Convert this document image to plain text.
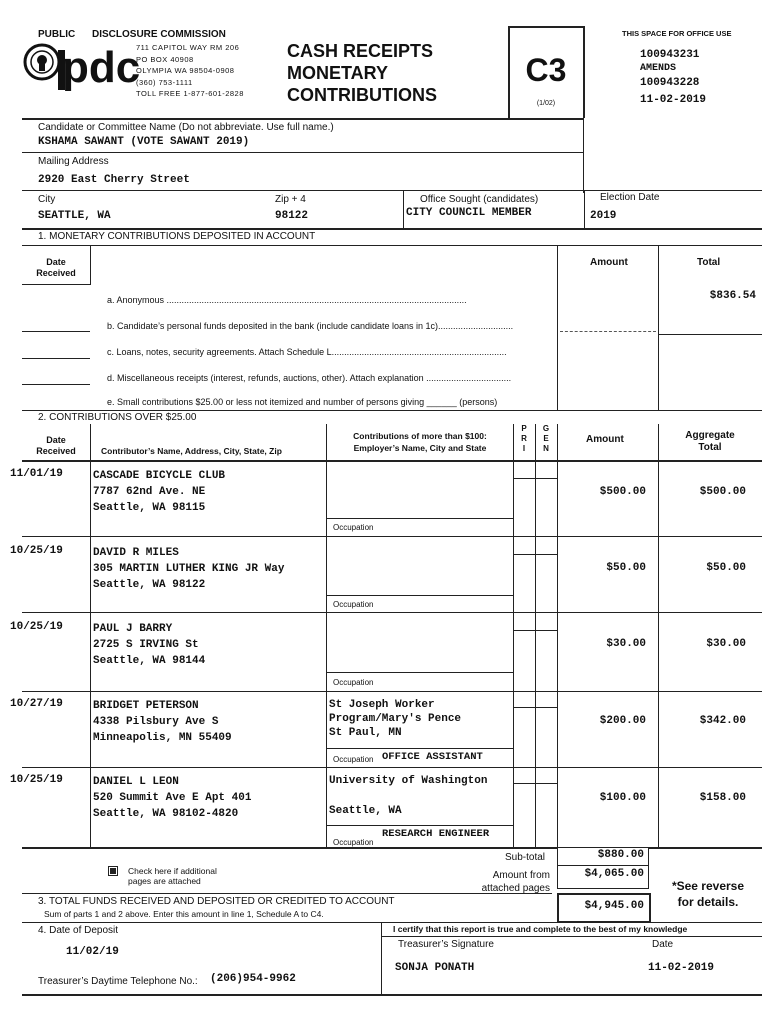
PUBLIC DISCLOSURE COMMISSION
pdc
711 CAPITOL WAY RM 206
PO BOX 40908
OLYMPIA WA 98504-0908
(360) 753-1111
TOLL FREE 1-877-601-2828
CASH RECEIPTS
MONETARY
CONTRIBUTIONS
C3
(1/02)
THIS SPACE FOR OFFICE USE
100943231
AMENDS
100943228
11-02-2019
Candidate or Committee Name (Do not abbreviate. Use full name.)
KSHAMA SAWANT (VOTE SAWANT 2019)
Mailing Address
2920 East Cherry Street
City
SEATTLE, WA
Zip + 4
98122
Office Sought (candidates)
CITY COUNCIL MEMBER
Election Date
2019
1. MONETARY CONTRIBUTIONS DEPOSITED IN ACCOUNT
Date
Received
Amount	Total
a. Anonymous ........................................................................................................................	$836.54
b. Candidate’s personal funds deposited in the bank (include candidate loans in 1c)..............................
c. Loans, notes, security agreements. Attach Schedule L......................................................................
d. Miscellaneous receipts (interest, refunds, auctions, other). Attach explanation ..................................
e. Small contributions $25.00 or less not itemized and number of persons giving ______ (persons)
2. CONTRIBUTIONS OVER $25.00
Date
Received	Contributor’s Name, Address, City, State, Zip
Contributions of more than $100:
Employer’s Name, City and State
P
R
I
G
E
N
Amount	Aggregate
Total
11/01/19	CASCADE BICYCLE CLUB
7787 62nd Ave. NE
Seattle, WA 98115
Occupation
$500.00	$500.00
10/25/19	DAVID R MILES
305 MARTIN LUTHER KING JR Way
Seattle, WA 98122
Occupation
$50.00	$50.00
10/25/19	PAUL J BARRY
2725 S IRVING St
Seattle, WA 98144
Occupation
$30.00	$30.00
10/27/19	BRIDGET PETERSON
4338 Pilsbury Ave S
Minneapolis, MN 55409
St Joseph Worker
Program/Mary's Pence
St Paul, MN
Occupation OFFICE ASSISTANT
$200.00	$342.00
10/25/19	DANIEL L LEON
520 Summit Ave E Apt 401
Seattle, WA 98102-4820
University of Washington
Seattle, WA
Occupation
RESEARCH ENGINEER
$100.00	$158.00
Check here if additional
pages are attached
Sub-total	$880.00
Amount from
attached pages
$4,065.00
3. TOTAL FUNDS RECEIVED AND DEPOSITED OR CREDITED TO ACCOUNT
Sum of parts 1 and 2 above. Enter this amount in line 1, Schedule A to C4.
$4,945.00
*See reverse
for details.
4. Date of Deposit
11/02/19
I certify that this report is true and complete to the best of my knowledge
Treasurer’s Signature	Date
SONJA PONATH	11-02-2019
Treasurer’s Daytime Telephone No.: (206)954-9962
